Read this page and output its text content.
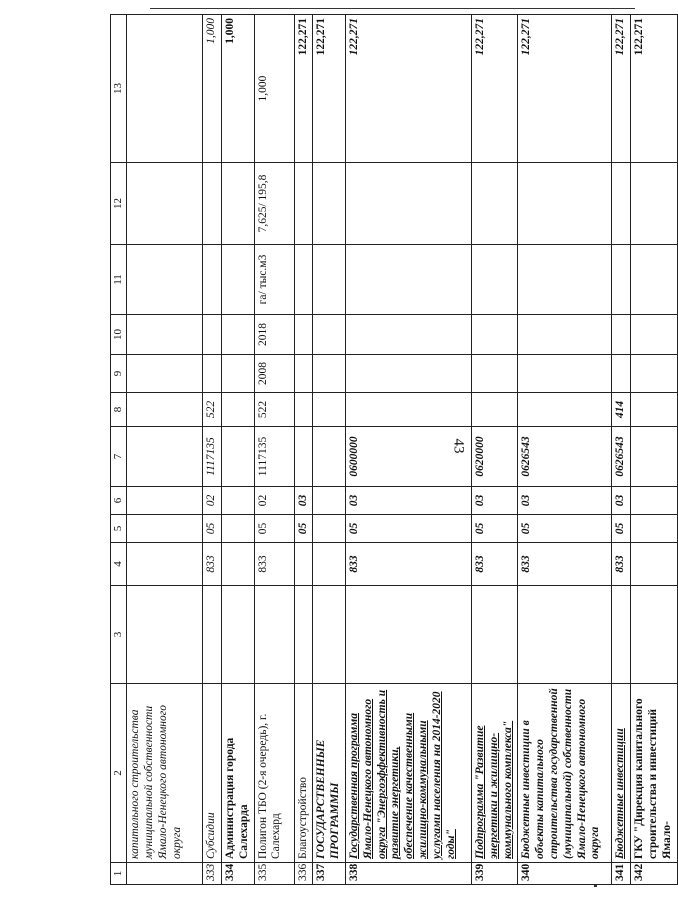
43
1	2	3	4	5	6	7	8	9	10	11	12	13
	капитального строительства муниципальной собственности Ямало-Ненецкого автономного округа											
333	Субсидии		833	05	02	1117135	522					1,000
334	Администрация города Салехарда											1,000
335	Полигон ТБО (2-я очередь), г. Салехард		833	05	02	1117135	522	2008	2018	га/ тыс.м3	7,625/ 195,8	1,000
336	Благоустройство			05	03							122,271
337	ГОСУДАРСТВЕННЫЕ ПРОГРАММЫ											122,271
338	Государственная программа Ямало-Ненецкого автономного округа "Энергоэффективность и развитие энергетики, обеспечение качественными жилищно-коммунальными услугами населения на 2014-2020 годы"		833	05	03	0600000						122,271
339	Подпрограмма "Развитие энергетики и жилищно-коммунального комплекса"		833	05	03	0620000						122,271
340	Бюджетные инвестиции в объекты капитального строительства государственной (муниципальной) собственности Ямало-Ненецкого автономного округа		833	05	03	0626543						122,271
341	Бюджетные инвестиции		833	05	03	0626543	414					122,271
342	ГКУ "Дирекция капитального строительства и инвестиций Ямало-											122,271
